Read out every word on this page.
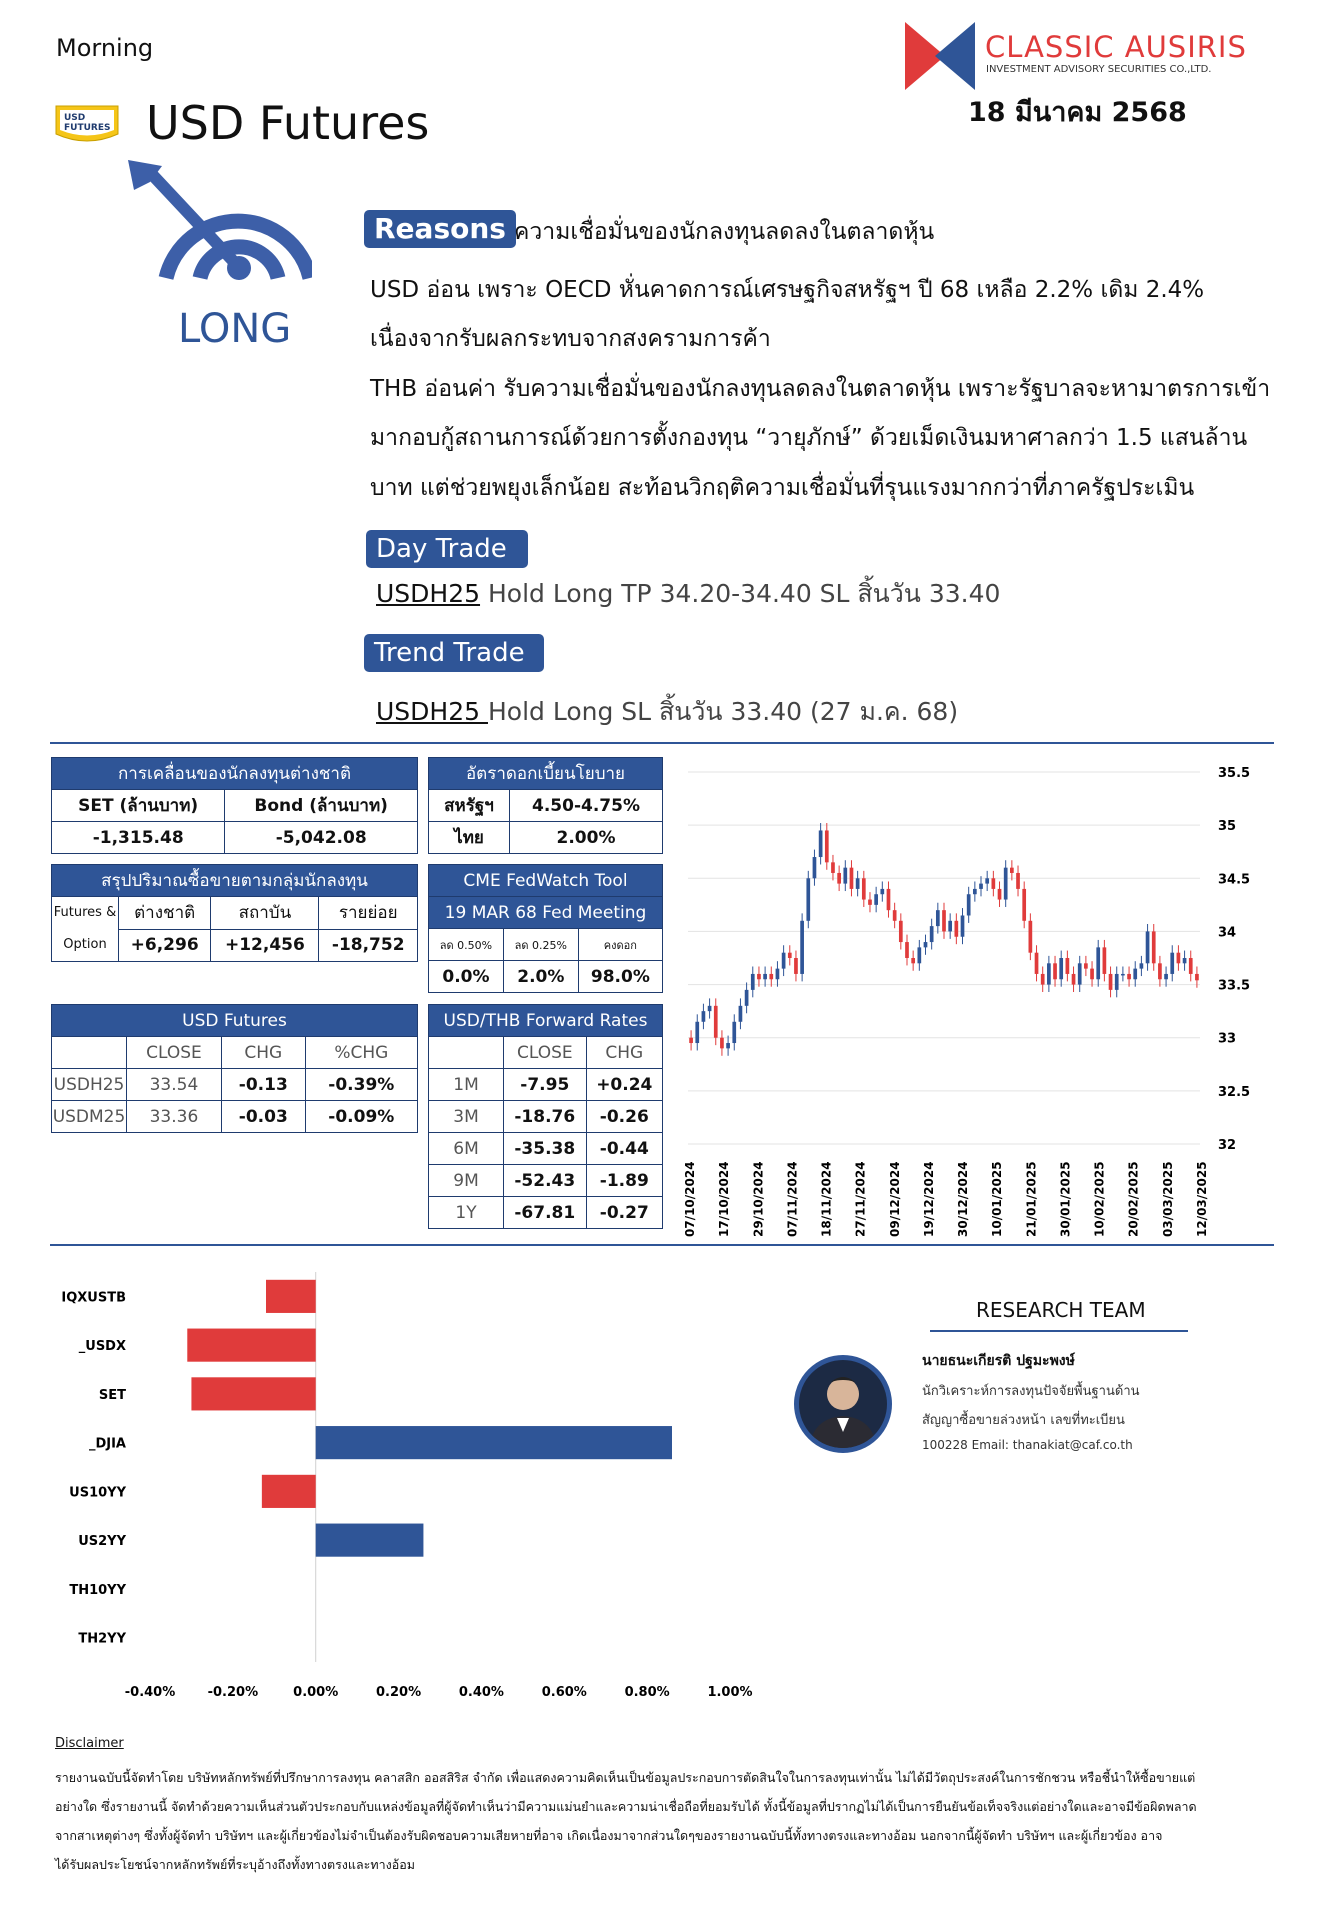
Morning
USD FUTURES USD Futures
CLASSIC AUSIRIS
INVESTMENT ADVISORY SECURITIES CO.,LTD.
18 มีนาคม 2568
LONG
Reasons ความเชื่อมั่นของนักลงทุนลดลงในตลาดหุ้น
USD อ่อน เพราะ OECD หั่นคาดการณ์เศรษฐกิจสหรัฐฯ ปี 68 เหลือ 2.2% เดิม 2.4%
เนื่องจากรับผลกระทบจากสงครามการค้า
THB อ่อนค่า รับความเชื่อมั่นของนักลงทุนลดลงในตลาดหุ้น เพราะรัฐบาลจะหามาตรการเข้า
มากอบกู้สถานการณ์ด้วยการตั้งกองทุน “วายุภักษ์” ด้วยเม็ดเงินมหาศาลกว่า 1.5 แสนล้าน
บาท แต่ช่วยพยุงเล็กน้อย สะท้อนวิกฤติความเชื่อมั่นที่รุนแรงมากกว่าที่ภาครัฐประเมิน
Day Trade
USDH25 Hold Long TP 34.20-34.40 SL สิ้นวัน 33.40
Trend Trade
USDH25 Hold Long SL สิ้นวัน 33.40 (27 ม.ค. 68)
การเคลื่อนของนักลงทุนต่างชาติ	
SET (ล้านบาท)	Bond (ล้านบาท)
-1,315.48	-5,042.08
สรุปปริมาณซื้อขายตามกลุ่มนักลงทุน			

Futures &
Option	ต่างชาติ	สถาบัน	รายย่อย
	+6,296	+12,456	-18,752
USD Futures			
	CLOSE	CHG	%CHG
USDH25	33.54	-0.13	-0.39%
USDM25	33.36	-0.03	-0.09%
อัตราดอกเบี้ยนโยบาย	
สหรัฐฯ	4.50-4.75%
ไทย	2.00%
CME FedWatch Tool		
19 MAR 68 Fed Meeting		
ลด 0.50%	ลด 0.25%	คงดอก
0.0%	2.0%	98.0%
USD/THB Forward Rates		
	CLOSE	CHG
1M	-7.95	+0.24
3M	-18.76	-0.26
6M	-35.38	-0.44
9M	-52.43	-1.89
1Y	-67.81	-0.27
35.5
35
34.5
34
33.5
33
32.5
32
07/10/2024 17/10/2024 29/10/2024 07/11/2024 18/11/2024 27/11/2024 09/12/2024 19/12/2024 30/12/2024 10/01/2025 21/01/2025 30/01/2025 10/02/2025 20/02/2025 03/03/2025 12/03/2025
IQXUSTB
_USDX
SET
_DJIA
US10YY
US2YY
TH10YY
TH2YY
-0.40% -0.20%	0.00%	0.20%	0.40%	0.60%	0.80%	1.00%
RESEARCH TEAM
นายธนะเกียรติ ปฐมะพงษ์
นักวิเคราะห์การลงทุนปัจจัยพื้นฐานด้าน
สัญญาซื้อขายล่วงหน้า เลขที่ทะเบียน
100228 Email: thanakiat@caf.co.th
Disclaimer
รายงานฉบับนี้จัดทำโดย บริษัทหลักทรัพย์ที่ปรึกษาการลงทุน คลาสสิก ออสสิริส จำกัด เพื่อแสดงความคิดเห็นเป็นข้อมูลประกอบการตัดสินใจในการลงทุนเท่านั้น ไม่ได้มีวัตถุประสงค์ในการชักชวน หรือชี้นำให้ซื้อขายแต่
อย่างใด ซึ่งรายงานนี้ จัดทำด้วยความเห็นส่วนตัวประกอบกับแหล่งข้อมูลที่ผู้จัดทำเห็นว่ามีความแม่นยำและความน่าเชื่อถือที่ยอมรับได้ ทั้งนี้ข้อมูลที่ปรากฏไม่ได้เป็นการยืนยันข้อเท็จจริงแต่อย่างใดและอาจมีข้อผิดพลาด
จากสาเหตุต่างๆ ซึ่งทั้งผู้จัดทำ บริษัทฯ และผู้เกี่ยวข้องไม่จำเป็นต้องรับผิดชอบความเสียหายที่อาจ เกิดเนื่องมาจากส่วนใดๆของรายงานฉบับนี้ทั้งทางตรงและทางอ้อม นอกจากนี้ผู้จัดทำ บริษัทฯ และผู้เกี่ยวข้อง อาจ
ได้รับผลประโยชน์จากหลักทรัพย์ที่ระบุอ้างถึงทั้งทางตรงและทางอ้อม
